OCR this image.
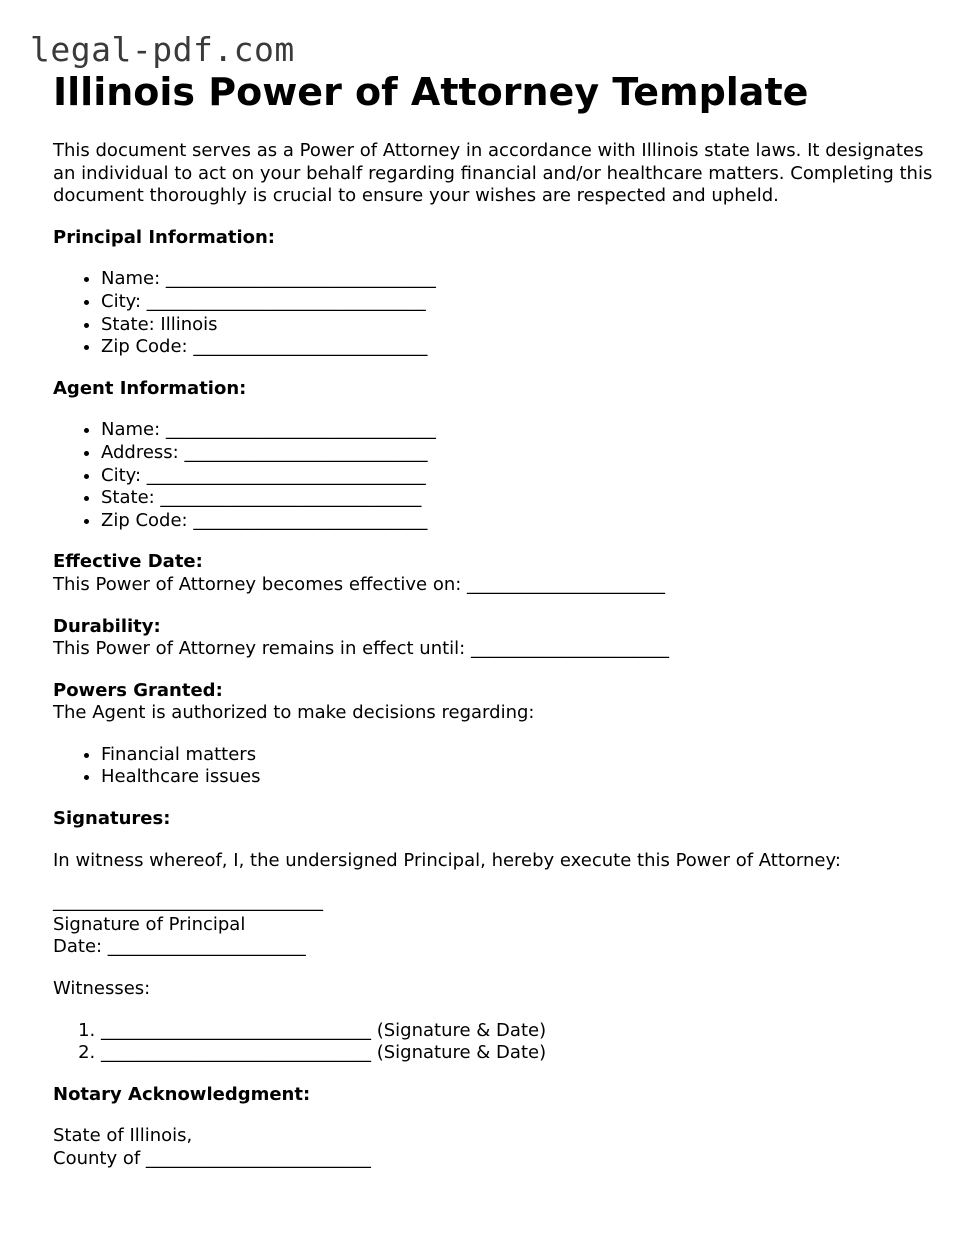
legal-pdf.com
Illinois Power of Attorney Template

This document serves as a Power of Attorney in accordance with Illinois state laws. It designates an individual to act on your behalf regarding financial and/or healthcare matters. Completing this document thoroughly is crucial to ensure your wishes are respected and upheld.

Principal Information:

• Name: ______________________________
• City: _______________________________
• State: Illinois
• Zip Code: __________________________

Agent Information:

• Name: ______________________________
• Address: ___________________________
• City: _______________________________
• State: _____________________________
• Zip Code: __________________________

Effective Date:

This Power of Attorney becomes effective on: ______________________

Durability:

This Power of Attorney remains in effect until: ______________________

Powers Granted:

The Agent is authorized to make decisions regarding:

• Financial matters
• Healthcare issues

Signatures:

In witness whereof, I, the undersigned Principal, hereby execute this Power of Attorney:

______________________________

Signature of Principal

Date: ______________________

Witnesses:

1. ______________________________ (Signature & Date)
2. ______________________________ (Signature & Date)

Notary Acknowledgment:

State of Illinois,

County of _________________________
